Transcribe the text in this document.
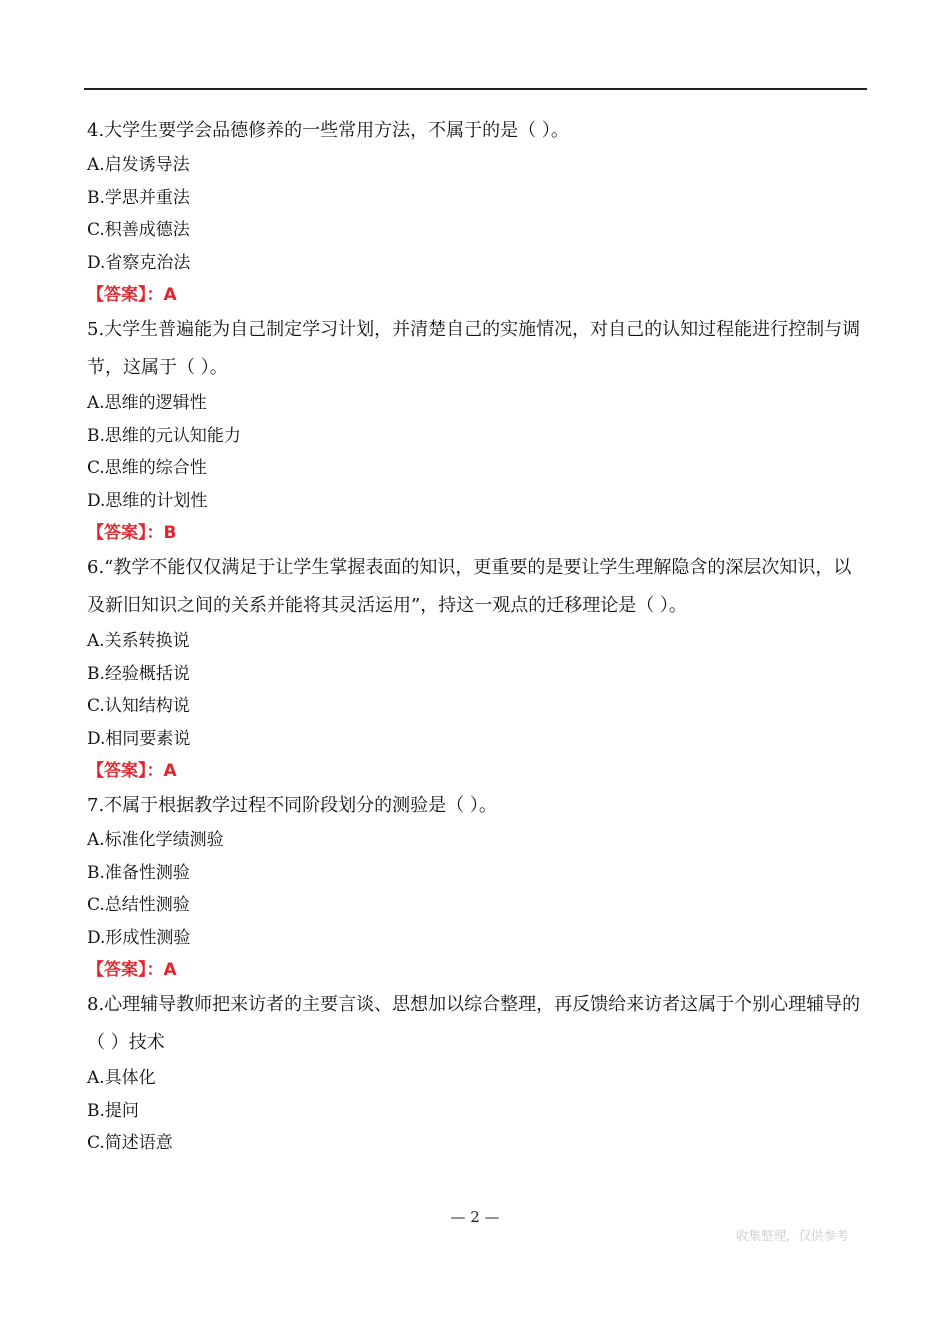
4.大学生要学会品德修养的一些常用方法，不属于的是（ ）。

A.启发诱导法

B.学思并重法

C.积善成德法

D.省察克治法

【答案】：A

5.大学生普遍能为自己制定学习计划，并清楚自己的实施情况，对自己的认知过程能进行控制与调节，这属于（ ）。

A.思维的逻辑性

B.思维的元认知能力

C.思维的综合性

D.思维的计划性

【答案】：B

6.“教学不能仅仅满足于让学生掌握表面的知识，更重要的是要让学生理解隐含的深层次知识，以及新旧知识之间的关系并能将其灵活运用”，持这一观点的迁移理论是（ ）。

A.关系转换说

B.经验概括说

C.认知结构说

D.相同要素说

【答案】：A

7.不属于根据教学过程不同阶段划分的测验是（ ）。

A.标准化学绩测验

B.准备性测验

C.总结性测验

D.形成性测验

【答案】：A

8.心理辅导教师把来访者的主要言谈、思想加以综合整理，再反馈给来访者这属于个别心理辅导的（ ）技术

A.具体化

B.提问

C.简述语意

— 2 —
收集整理，仅供参考
